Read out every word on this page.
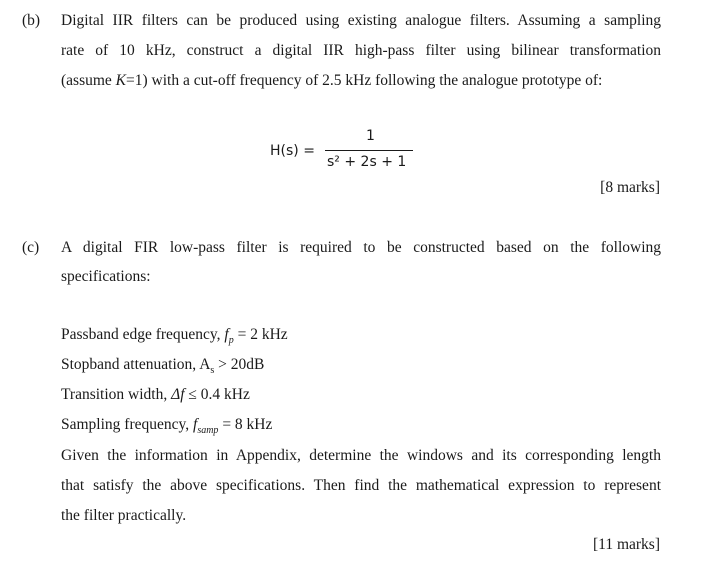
(b) Digital IIR filters can be produced using existing analogue filters. Assuming a sampling
rate of 10 kHz, construct a digital IIR high-pass filter using bilinear transformation
(assume K=1) with a cut-off frequency of 2.5 kHz following the analogue prototype of:
H(s) =
1
s² + 2s + 1
[8 marks]
(c) A digital FIR low-pass filter is required to be constructed based on the following
specifications:
Passband edge frequency, $f_p = 2$ kHz
Stopband attenuation, $A_s > 20dB$
Transition width, Δf ≤ 0.4 kHz
Sampling frequency, $f_{samp} = 8$ kHz
Given the information in Appendix, determine the windows and its corresponding length
that satisfy the above specifications. Then find the mathematical expression to represent
the filter practically.
[11 marks]
